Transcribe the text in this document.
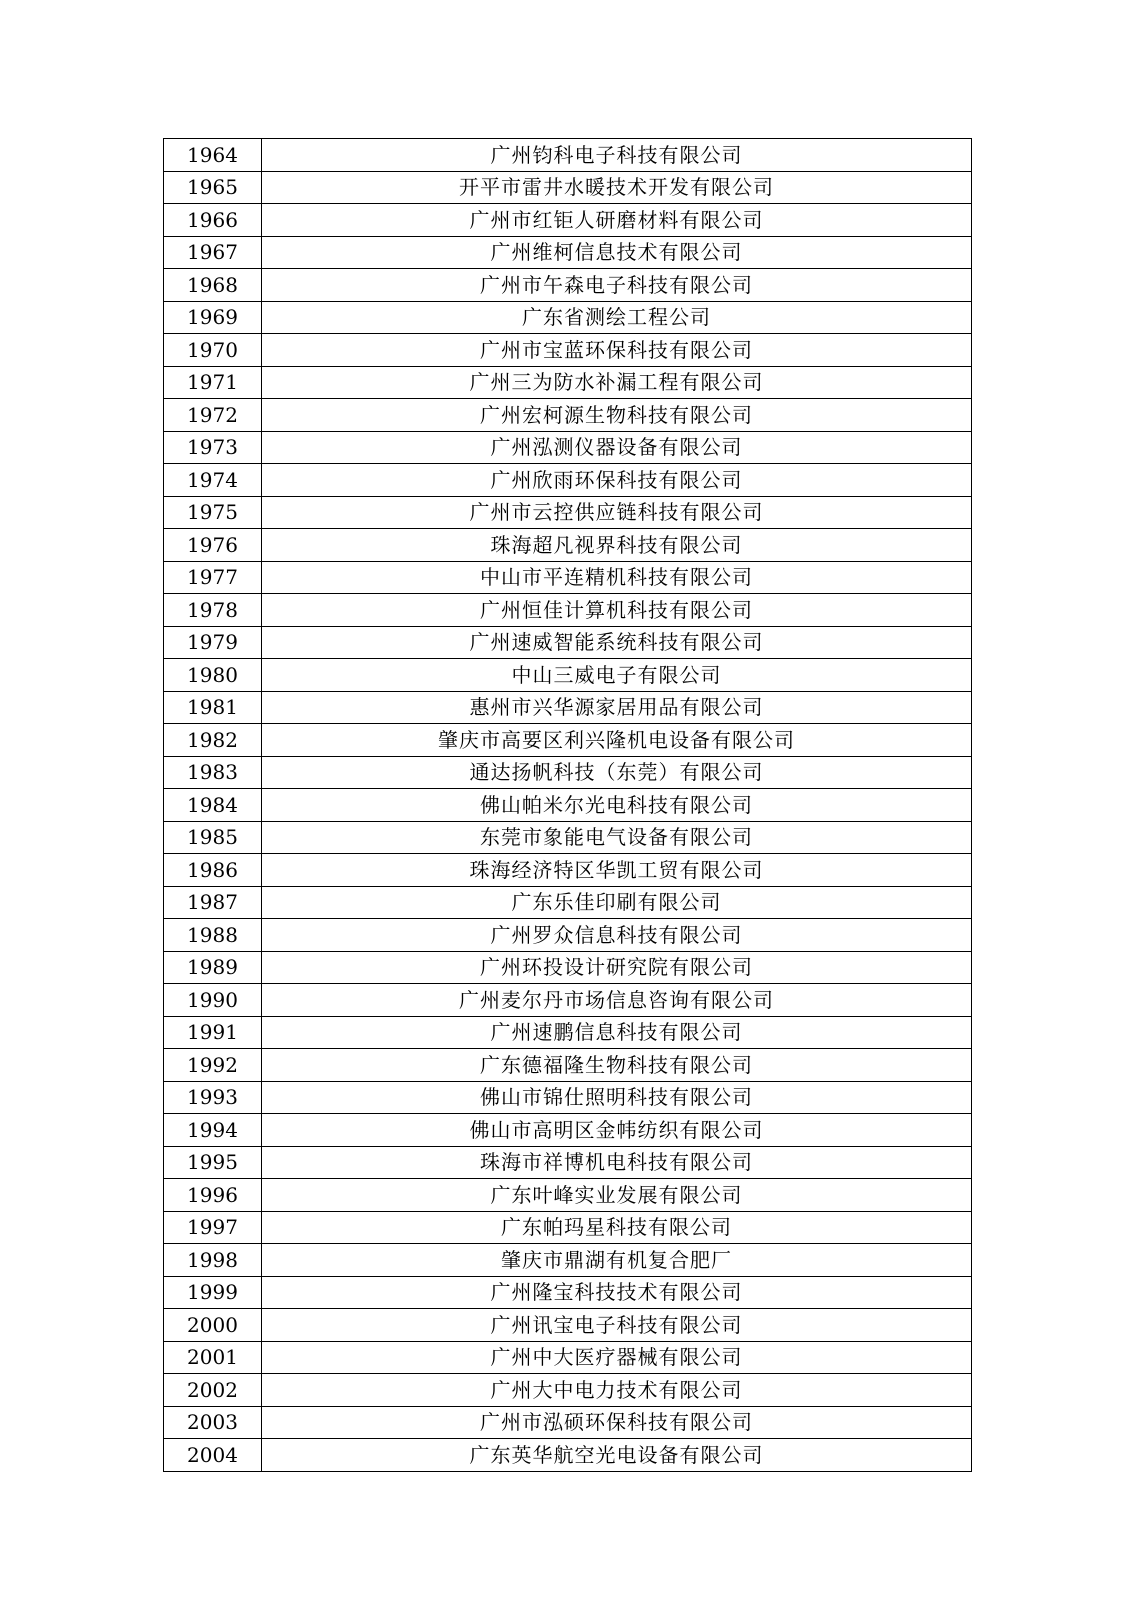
1964	广州钧科电子科技有限公司
1965	开平市雷井水暖技术开发有限公司
1966	广州市红钜人研磨材料有限公司
1967	广州维柯信息技术有限公司
1968	广州市午森电子科技有限公司
1969	广东省测绘工程公司
1970	广州市宝蓝环保科技有限公司
1971	广州三为防水补漏工程有限公司
1972	广州宏柯源生物科技有限公司
1973	广州泓测仪器设备有限公司
1974	广州欣雨环保科技有限公司
1975	广州市云控供应链科技有限公司
1976	珠海超凡视界科技有限公司
1977	中山市平连精机科技有限公司
1978	广州恒佳计算机科技有限公司
1979	广州速威智能系统科技有限公司
1980	中山三威电子有限公司
1981	惠州市兴华源家居用品有限公司
1982	肇庆市高要区利兴隆机电设备有限公司
1983	通达扬帆科技（东莞）有限公司
1984	佛山帕米尔光电科技有限公司
1985	东莞市象能电气设备有限公司
1986	珠海经济特区华凯工贸有限公司
1987	广东乐佳印刷有限公司
1988	广州罗众信息科技有限公司
1989	广州环投设计研究院有限公司
1990	广州麦尔丹市场信息咨询有限公司
1991	广州速鹏信息科技有限公司
1992	广东德福隆生物科技有限公司
1993	佛山市锦仕照明科技有限公司
1994	佛山市高明区金帏纺织有限公司
1995	珠海市祥博机电科技有限公司
1996	广东叶峰实业发展有限公司
1997	广东帕玛星科技有限公司
1998	肇庆市鼎湖有机复合肥厂
1999	广州隆宝科技技术有限公司
2000	广州讯宝电子科技有限公司
2001	广州中大医疗器械有限公司
2002	广州大中电力技术有限公司
2003	广州市泓硕环保科技有限公司
2004	广东英华航空光电设备有限公司
